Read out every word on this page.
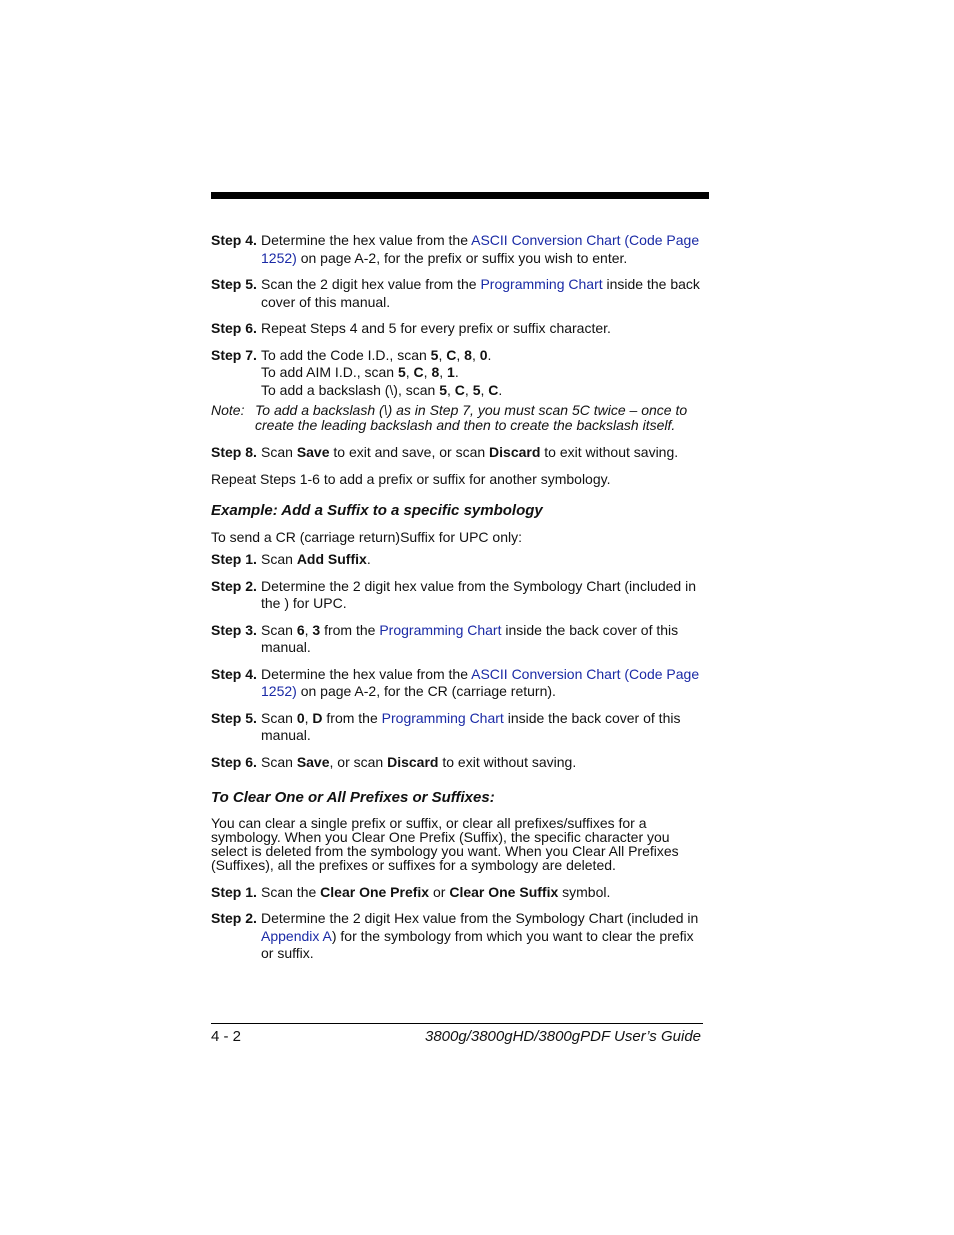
Step 4. Determine the hex value from the ASCII Conversion Chart (Code Page 1252) on page A-2, for the prefix or suffix you wish to enter.
Step 5. Scan the 2 digit hex value from the Programming Chart inside the back cover of this manual.
Step 6. Repeat Steps 4 and 5 for every prefix or suffix character.
Step 7. To add the Code I.D., scan 5, C, 8, 0.
To add AIM I.D., scan 5, C, 8, 1.
To add a backslash (\), scan 5, C, 5, C.
Note: To add a backslash (\) as in Step 7, you must scan 5C twice – once to create the leading backslash and then to create the backslash itself.
Step 8. Scan Save to exit and save, or scan Discard to exit without saving.

Repeat Steps 1-6 to add a prefix or suffix for another symbology.

Example: Add a Suffix to a specific symbology

To send a CR (carriage return)Suffix for UPC only:

Step 1. Scan Add Suffix.
Step 2. Determine the 2 digit hex value from the Symbology Chart (included in the ) for UPC.
Step 3. Scan 6, 3 from the Programming Chart inside the back cover of this manual.
Step 4. Determine the hex value from the ASCII Conversion Chart (Code Page 1252) on page A-2, for the CR (carriage return).
Step 5. Scan 0, D from the Programming Chart inside the back cover of this manual.
Step 6. Scan Save, or scan Discard to exit without saving.
To Clear One or All Prefixes or Suffixes:

You can clear a single prefix or suffix, or clear all prefixes/suffixes for a symbology. When you Clear One Prefix (Suffix), the specific character you select is deleted from the symbology you want. When you Clear All Prefixes (Suffixes), all the prefixes or suffixes for a symbology are deleted.

Step 1. Scan the Clear One Prefix or Clear One Suffix symbol.
Step 2. Determine the 2 digit Hex value from the Symbology Chart (included in Appendix A) for the symbology from which you want to clear the prefix or suffix.
4 - 2	3800g/3800gHD/3800gPDF User’s Guide
